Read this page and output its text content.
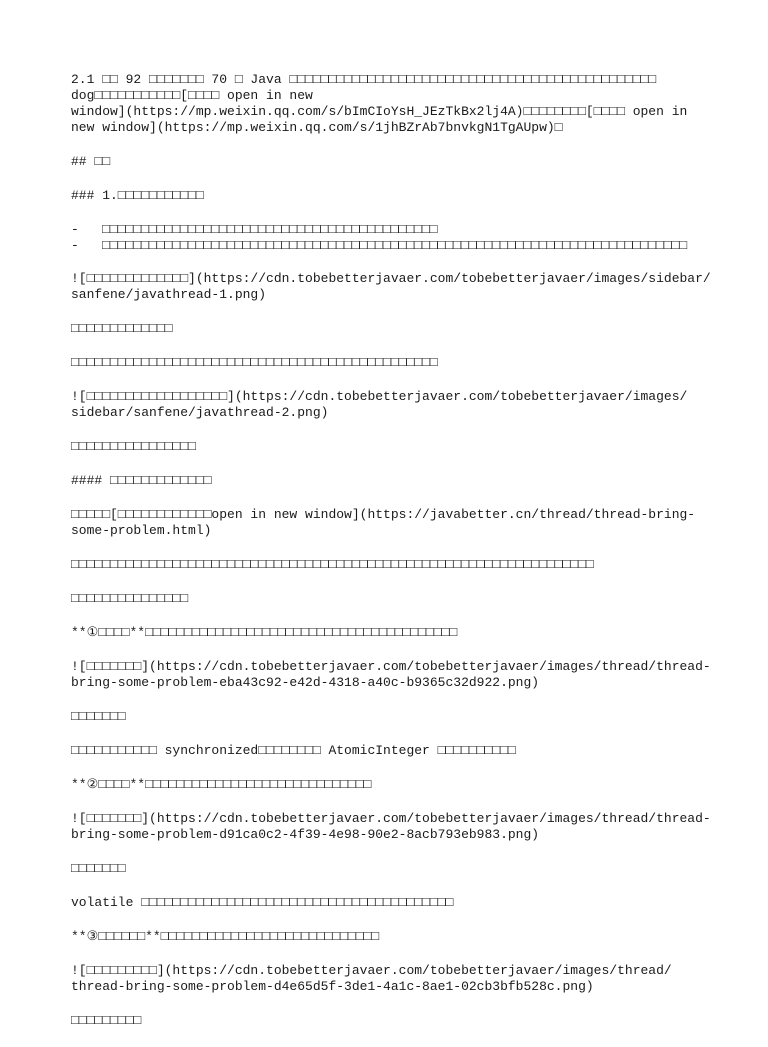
2.1 □□ 92 □□□□□□□ 70 □ Java □□□□□□□□□□□□□□□□□□□□□□□□□□□□□□□□□□□□□□□□□□□□□□□
dog□□□□□□□□□□□[□□□□ open in new
window](https://mp.weixin.qq.com/s/bImCIoYsH_JEzTkBx2lj4A)□□□□□□□□[□□□□ open in
new window](https://mp.weixin.qq.com/s/1jhBZrAb7bnvkgN1TgAUpw)□
## □□
### 1.□□□□□□□□□□□
-	□□□□□□□□□□□□□□□□□□□□□□□□□□□□□□□□□□□□□□□□□□□
-	□□□□□□□□□□□□□□□□□□□□□□□□□□□□□□□□□□□□□□□□□□□□□□□□□□□□□□□□□□□□□□□□□□□□□□□□□□□
![□□□□□□□□□□□□□](https://cdn.tobebetterjavaer.com/tobebetterjavaer/images/sidebar/
sanfene/javathread-1.png)
□□□□□□□□□□□□□
□□□□□□□□□□□□□□□□□□□□□□□□□□□□□□□□□□□□□□□□□□□□□□□
![□□□□□□□□□□□□□□□□□□](https://cdn.tobebetterjavaer.com/tobebetterjavaer/images/
sidebar/sanfene/javathread-2.png)
□□□□□□□□□□□□□□□□
#### □□□□□□□□□□□□□
□□□□□[□□□□□□□□□□□□open in new window](https://javabetter.cn/thread/thread-bring-
some-problem.html)
□□□□□□□□□□□□□□□□□□□□□□□□□□□□□□□□□□□□□□□□□□□□□□□□□□□□□□□□□□□□□□□□□□□
□□□□□□□□□□□□□□□
**①□□□□**□□□□□□□□□□□□□□□□□□□□□□□□□□□□□□□□□□□□□□□□
![□□□□□□□](https://cdn.tobebetterjavaer.com/tobebetterjavaer/images/thread/thread-
bring-some-problem-eba43c92-e42d-4318-a40c-b9365c32d922.png)
□□□□□□□
□□□□□□□□□□□ synchronized□□□□□□□□ AtomicInteger □□□□□□□□□□
**②□□□□**□□□□□□□□□□□□□□□□□□□□□□□□□□□□□
![□□□□□□□](https://cdn.tobebetterjavaer.com/tobebetterjavaer/images/thread/thread-
bring-some-problem-d91ca0c2-4f39-4e98-90e2-8acb793eb983.png)
□□□□□□□
volatile □□□□□□□□□□□□□□□□□□□□□□□□□□□□□□□□□□□□□□□□
**③□□□□□□**□□□□□□□□□□□□□□□□□□□□□□□□□□□□
![□□□□□□□□□](https://cdn.tobebetterjavaer.com/tobebetterjavaer/images/thread/
thread-bring-some-problem-d4e65d5f-3de1-4a1c-8ae1-02cb3bfb528c.png)
□□□□□□□□□
